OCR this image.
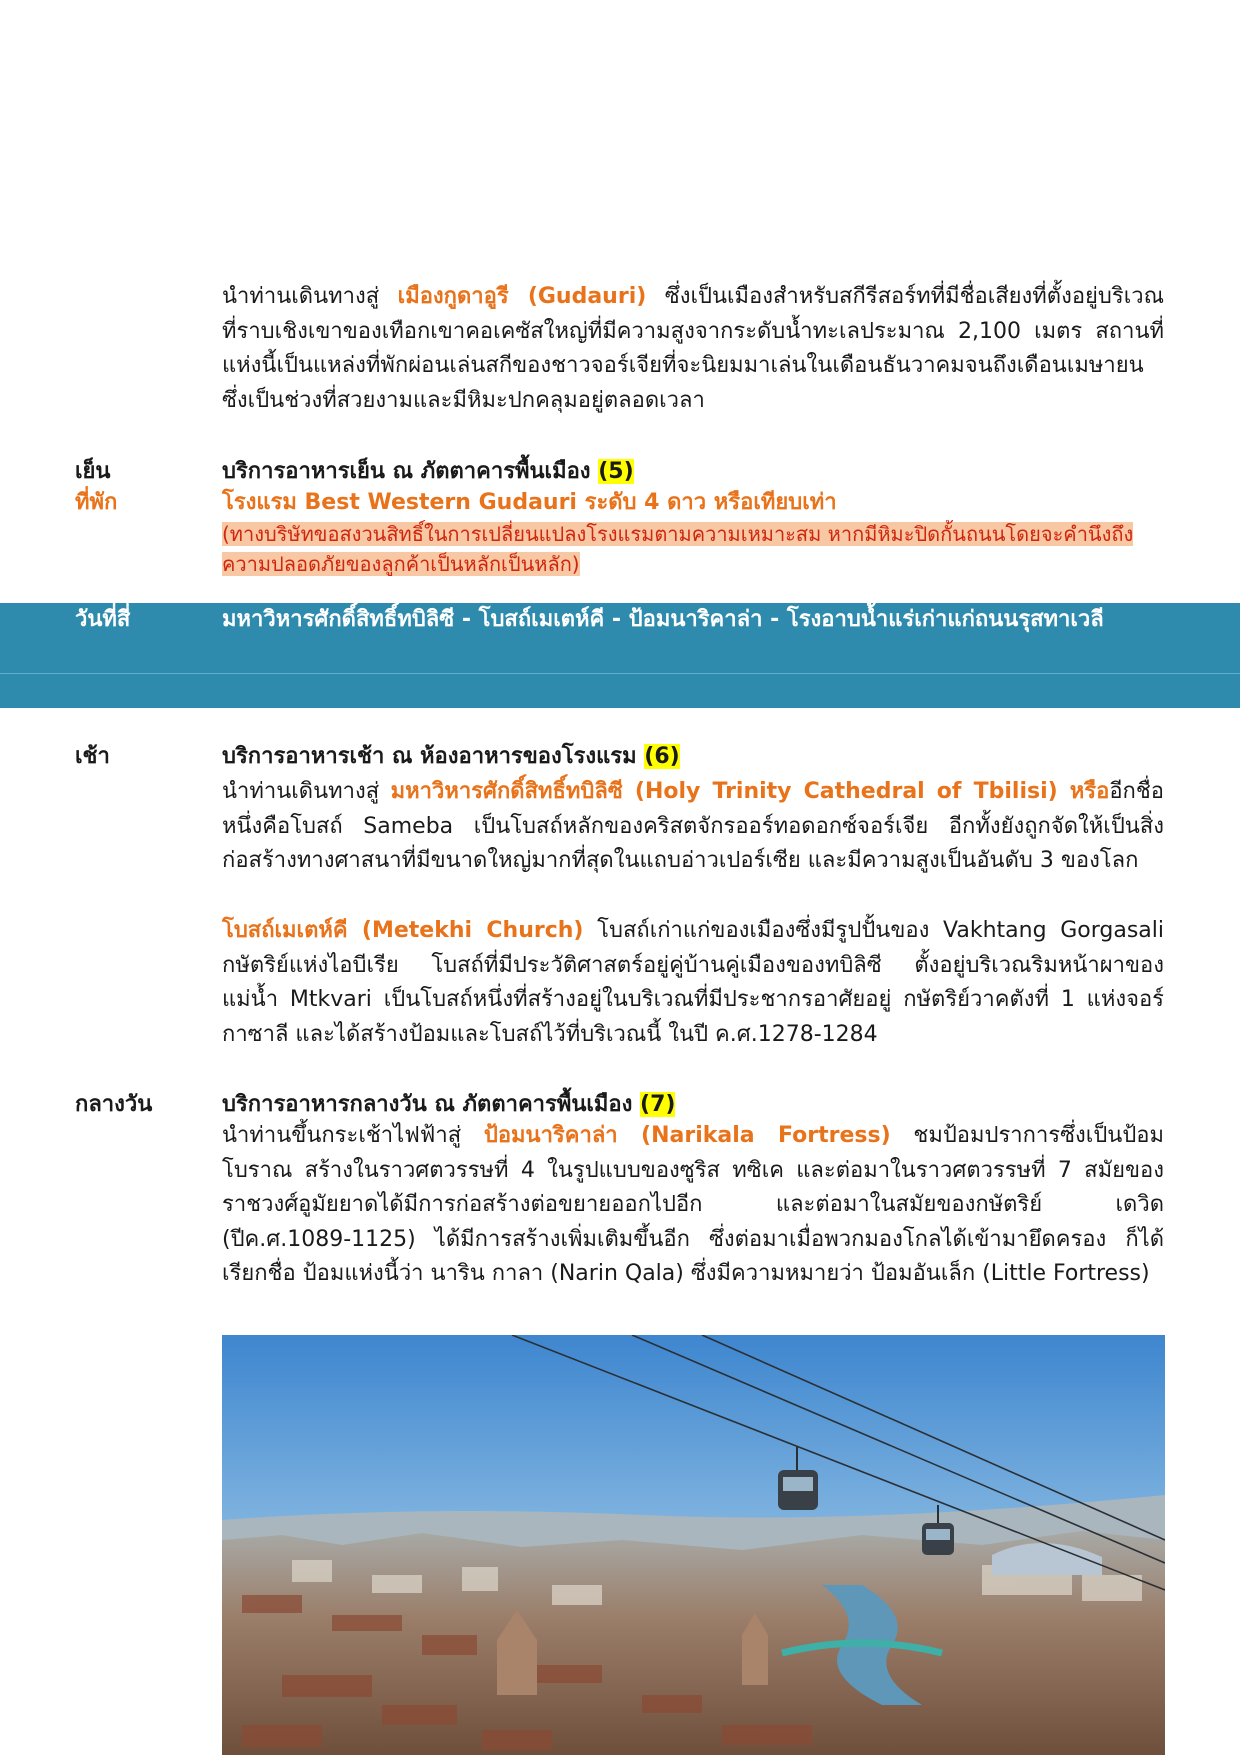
นำท่านเดินทางสู่ เมืองกูดาอูรี (Gudauri) ซึ่งเป็นเมืองสำหรับสกีรีสอร์ทที่มีชื่อเสียงที่ตั้งอยู่บริเวณที่ราบเชิงเขาของเทือกเขาคอเคซัสใหญ่ที่มีความสูงจากระดับน้ำทะเลประมาณ 2,100 เมตร สถานที่แห่งนี้เป็นแหล่งที่พักผ่อนเล่นสกีของชาวจอร์เจียที่จะนิยมมาเล่นในเดือนธันวาคมจนถึงเดือนเมษายน ซึ่งเป็นช่วงที่สวยงามและมีหิมะปกคลุมอยู่ตลอดเวลา

เย็น	บริการอาหารเย็น ณ ภัตตาคารพื้นเมือง (5)
ที่พัก	โรงแรม Best Western Gudauri ระดับ 4 ดาว หรือเทียบเท่า
(ทางบริษัทขอสงวนสิทธิ์ในการเปลี่ยนแปลงโรงแรมตามความเหมาะสม หากมีหิมะปิดกั้นถนนโดยจะคำนึงถึงความปลอดภัยของลูกค้าเป็นหลักเป็นหลัก)
วันที่สี่	มหาวิหารศักดิ์สิทธิ์ทบิลิซี - โบสถ์เมเตห์คี - ป้อมนาริคาล่า - โรงอาบน้ำแร่เก่าแก่ถนนรุสทาเวลี
เช้า	บริการอาหารเช้า ณ ห้องอาหารของโรงแรม (6)

นำท่านเดินทางสู่ มหาวิหารศักดิ์สิทธิ์ทบิลิซี (Holy Trinity Cathedral of Tbilisi) หรืออีกชื่อหนึ่งคือโบสถ์ Sameba เป็นโบสถ์หลักของคริสตจักรออร์ทอดอกซ์จอร์เจีย อีกทั้งยังถูกจัดให้เป็นสิ่งก่อสร้างทางศาสนาที่มีขนาดใหญ่มากที่สุดในแถบอ่าวเปอร์เซีย และมีความสูงเป็นอันดับ 3 ของโลก

โบสถ์เมเตห์คี (Metekhi Church) โบสถ์เก่าแก่ของเมืองซึ่งมีรูปปั้นของ Vakhtang Gorgasali กษัตริย์แห่งไอบีเรีย โบสถ์ที่มีประวัติศาสตร์อยู่คู่บ้านคู่เมืองของทบิลิซี ตั้งอยู่บริเวณริมหน้าผาของแม่น้ำ Mtkvari เป็นโบสถ์หนึ่งที่สร้างอยู่ในบริเวณที่มีประชากรอาศัยอยู่ กษัตริย์วาคตังที่ 1 แห่งจอร์กาซาลี และได้สร้างป้อมและโบสถ์ไว้ที่บริเวณนี้ ในปี ค.ศ.1278-1284

กลางวัน	บริการอาหารกลางวัน ณ ภัตตาคารพื้นเมือง (7)

นำท่านขึ้นกระเช้าไฟฟ้าสู่ ป้อมนาริคาล่า (Narikala Fortress) ชมป้อมปราการซึ่งเป็นป้อมโบราณ สร้างในราวศตวรรษที่ 4 ในรูปแบบของซูริส ทซิเค และต่อมาในราวศตวรรษที่ 7 สมัยของราชวงศ์อูมัยยาดได้มีการก่อสร้างต่อขยายออกไปอีก และต่อมาในสมัยของกษัตริย์ เดวิด (ปีค.ศ.1089-1125) ได้มีการสร้างเพิ่มเติมขึ้นอีก ซึ่งต่อมาเมื่อพวกมองโกลได้เข้ามายึดครอง ก็ได้เรียกชื่อ ป้อมแห่งนี้ว่า นาริน กาลา (Narin Qala) ซึ่งมีความหมายว่า ป้อมอันเล็ก (Little Fortress)
